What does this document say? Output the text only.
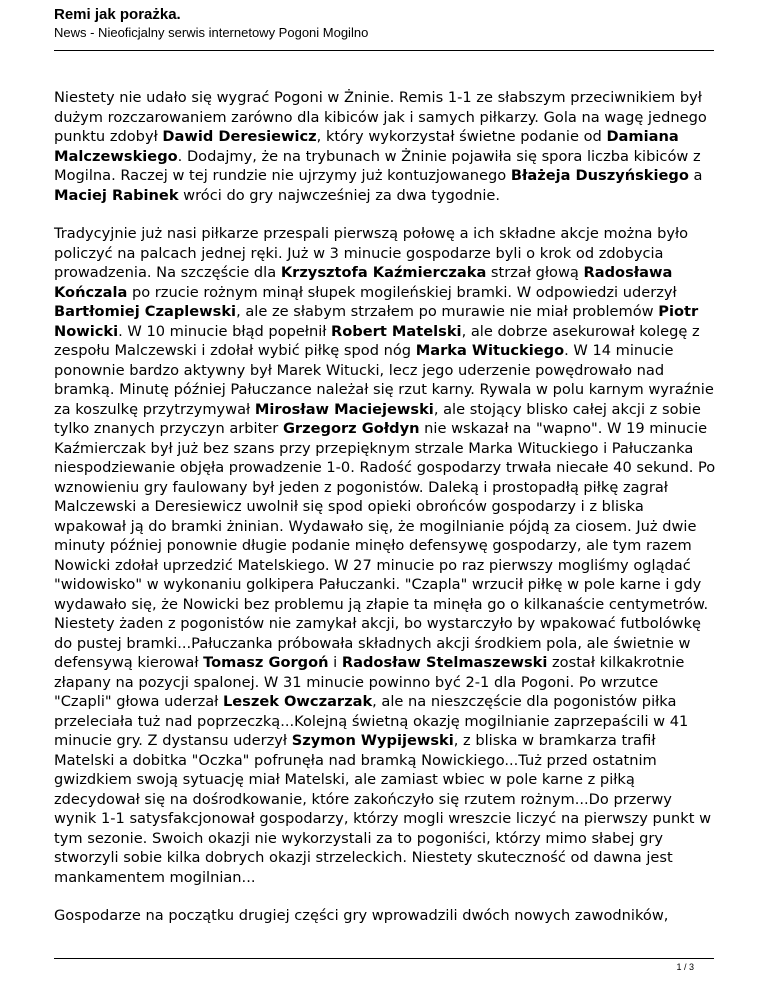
Remi jak porażka.
News - Nieoficjalny serwis internetowy Pogoni Mogilno

Niestety nie udało się wygrać Pogoni w Żninie. Remis 1-1 ze słabszym przeciwnikiem był dużym rozczarowaniem zarówno dla kibiców jak i samych piłkarzy. Gola na wagę jednego punktu zdobył Dawid Deresiewicz, który wykorzystał świetne podanie od Damiana Malczewskiego. Dodajmy, że na trybunach w Żninie pojawiła się spora liczba kibiców z Mogilna. Raczej w tej rundzie nie ujrzymy już kontuzjowanego Błażeja Duszyńskiego a Maciej Rabinek wróci do gry najwcześniej za dwa tygodnie.

Tradycyjnie już nasi piłkarze przespali pierwszą połowę a ich składne akcje można było policzyć na palcach jednej ręki. Już w 3 minucie gospodarze byli o krok od zdobycia prowadzenia. Na szczęście dla Krzysztofa Kaźmierczaka strzał głową Radosława Kończala po rzucie rożnym minął słupek mogileńskiej bramki. W odpowiedzi uderzył Bartłomiej Czaplewski, ale ze słabym strzałem po murawie nie miał problemów Piotr Nowicki. W 10 minucie błąd popełnił Robert Matelski, ale dobrze asekurował kolegę z zespołu Malczewski i zdołał wybić piłkę spod nóg Marka Wituckiego. W 14 minucie ponownie bardzo aktywny był Marek Witucki, lecz jego uderzenie powędrowało nad bramką. Minutę później Pałuczance należał się rzut karny. Rywala w polu karnym wyraźnie za koszulkę przytrzymywał Mirosław Maciejewski, ale stojący blisko całej akcji z sobie tylko znanych przyczyn arbiter Grzegorz Gołdyn nie wskazał na "wapno". W 19 minucie Kaźmierczak był już bez szans przy przepięknym strzale Marka Wituckiego i Pałuczanka niespodziewanie objęła prowadzenie 1-0. Radość gospodarzy trwała niecałe 40 sekund. Po wznowieniu gry faulowany był jeden z pogonistów. Daleką i prostopadłą piłkę zagrał Malczewski a Deresiewicz uwolnił się spod opieki obrońców gospodarzy i z bliska wpakował ją do bramki żninian. Wydawało się, że mogilnianie pójdą za ciosem. Już dwie minuty później ponownie długie podanie minęło defensywę gospodarzy, ale tym razem Nowicki zdołał uprzedzić Matelskiego. W 27 minucie po raz pierwszy mogliśmy oglądać "widowisko" w wykonaniu golkipera Pałuczanki. "Czapla" wrzucił piłkę w pole karne i gdy wydawało się, że Nowicki bez problemu ją złapie ta minęła go o kilkanaście centymetrów. Niestety żaden z pogonistów nie zamykał akcji, bo wystarczyło by wpakować futbolówkę do pustej bramki...Pałuczanka próbowała składnych akcji środkiem pola, ale świetnie w defensywą kierował Tomasz Gorgoń i Radosław Stelmaszewski został kilkakrotnie złapany na pozycji spalonej. W 31 minucie powinno być 2-1 dla Pogoni. Po wrzutce "Czapli" głowa uderzał Leszek Owczarzak, ale na nieszczęście dla pogonistów piłka przeleciała tuż nad poprzeczką...Kolejną świetną okazję mogilnianie zaprzepaścili w 41 minucie gry. Z dystansu uderzył Szymon Wypijewski, z bliska w bramkarza trafił Matelski a dobitka "Oczka" pofrunęła nad bramką Nowickiego...Tuż przed ostatnim gwizdkiem swoją sytuację miał Matelski, ale zamiast wbiec w pole karne z piłką zdecydował się na dośrodkowanie, które zakończyło się rzutem rożnym...Do przerwy wynik 1-1 satysfakcjonował gospodarzy, którzy mogli wreszcie liczyć na pierwszy punkt w tym sezonie. Swoich okazji nie wykorzystali za to pogoniści, którzy mimo słabej gry stworzyli sobie kilka dobrych okazji strzeleckich. Niestety skuteczność od dawna jest mankamentem mogilnian...

Gospodarze na początku drugiej części gry wprowadzili dwóch nowych zawodników,

1 / 3
